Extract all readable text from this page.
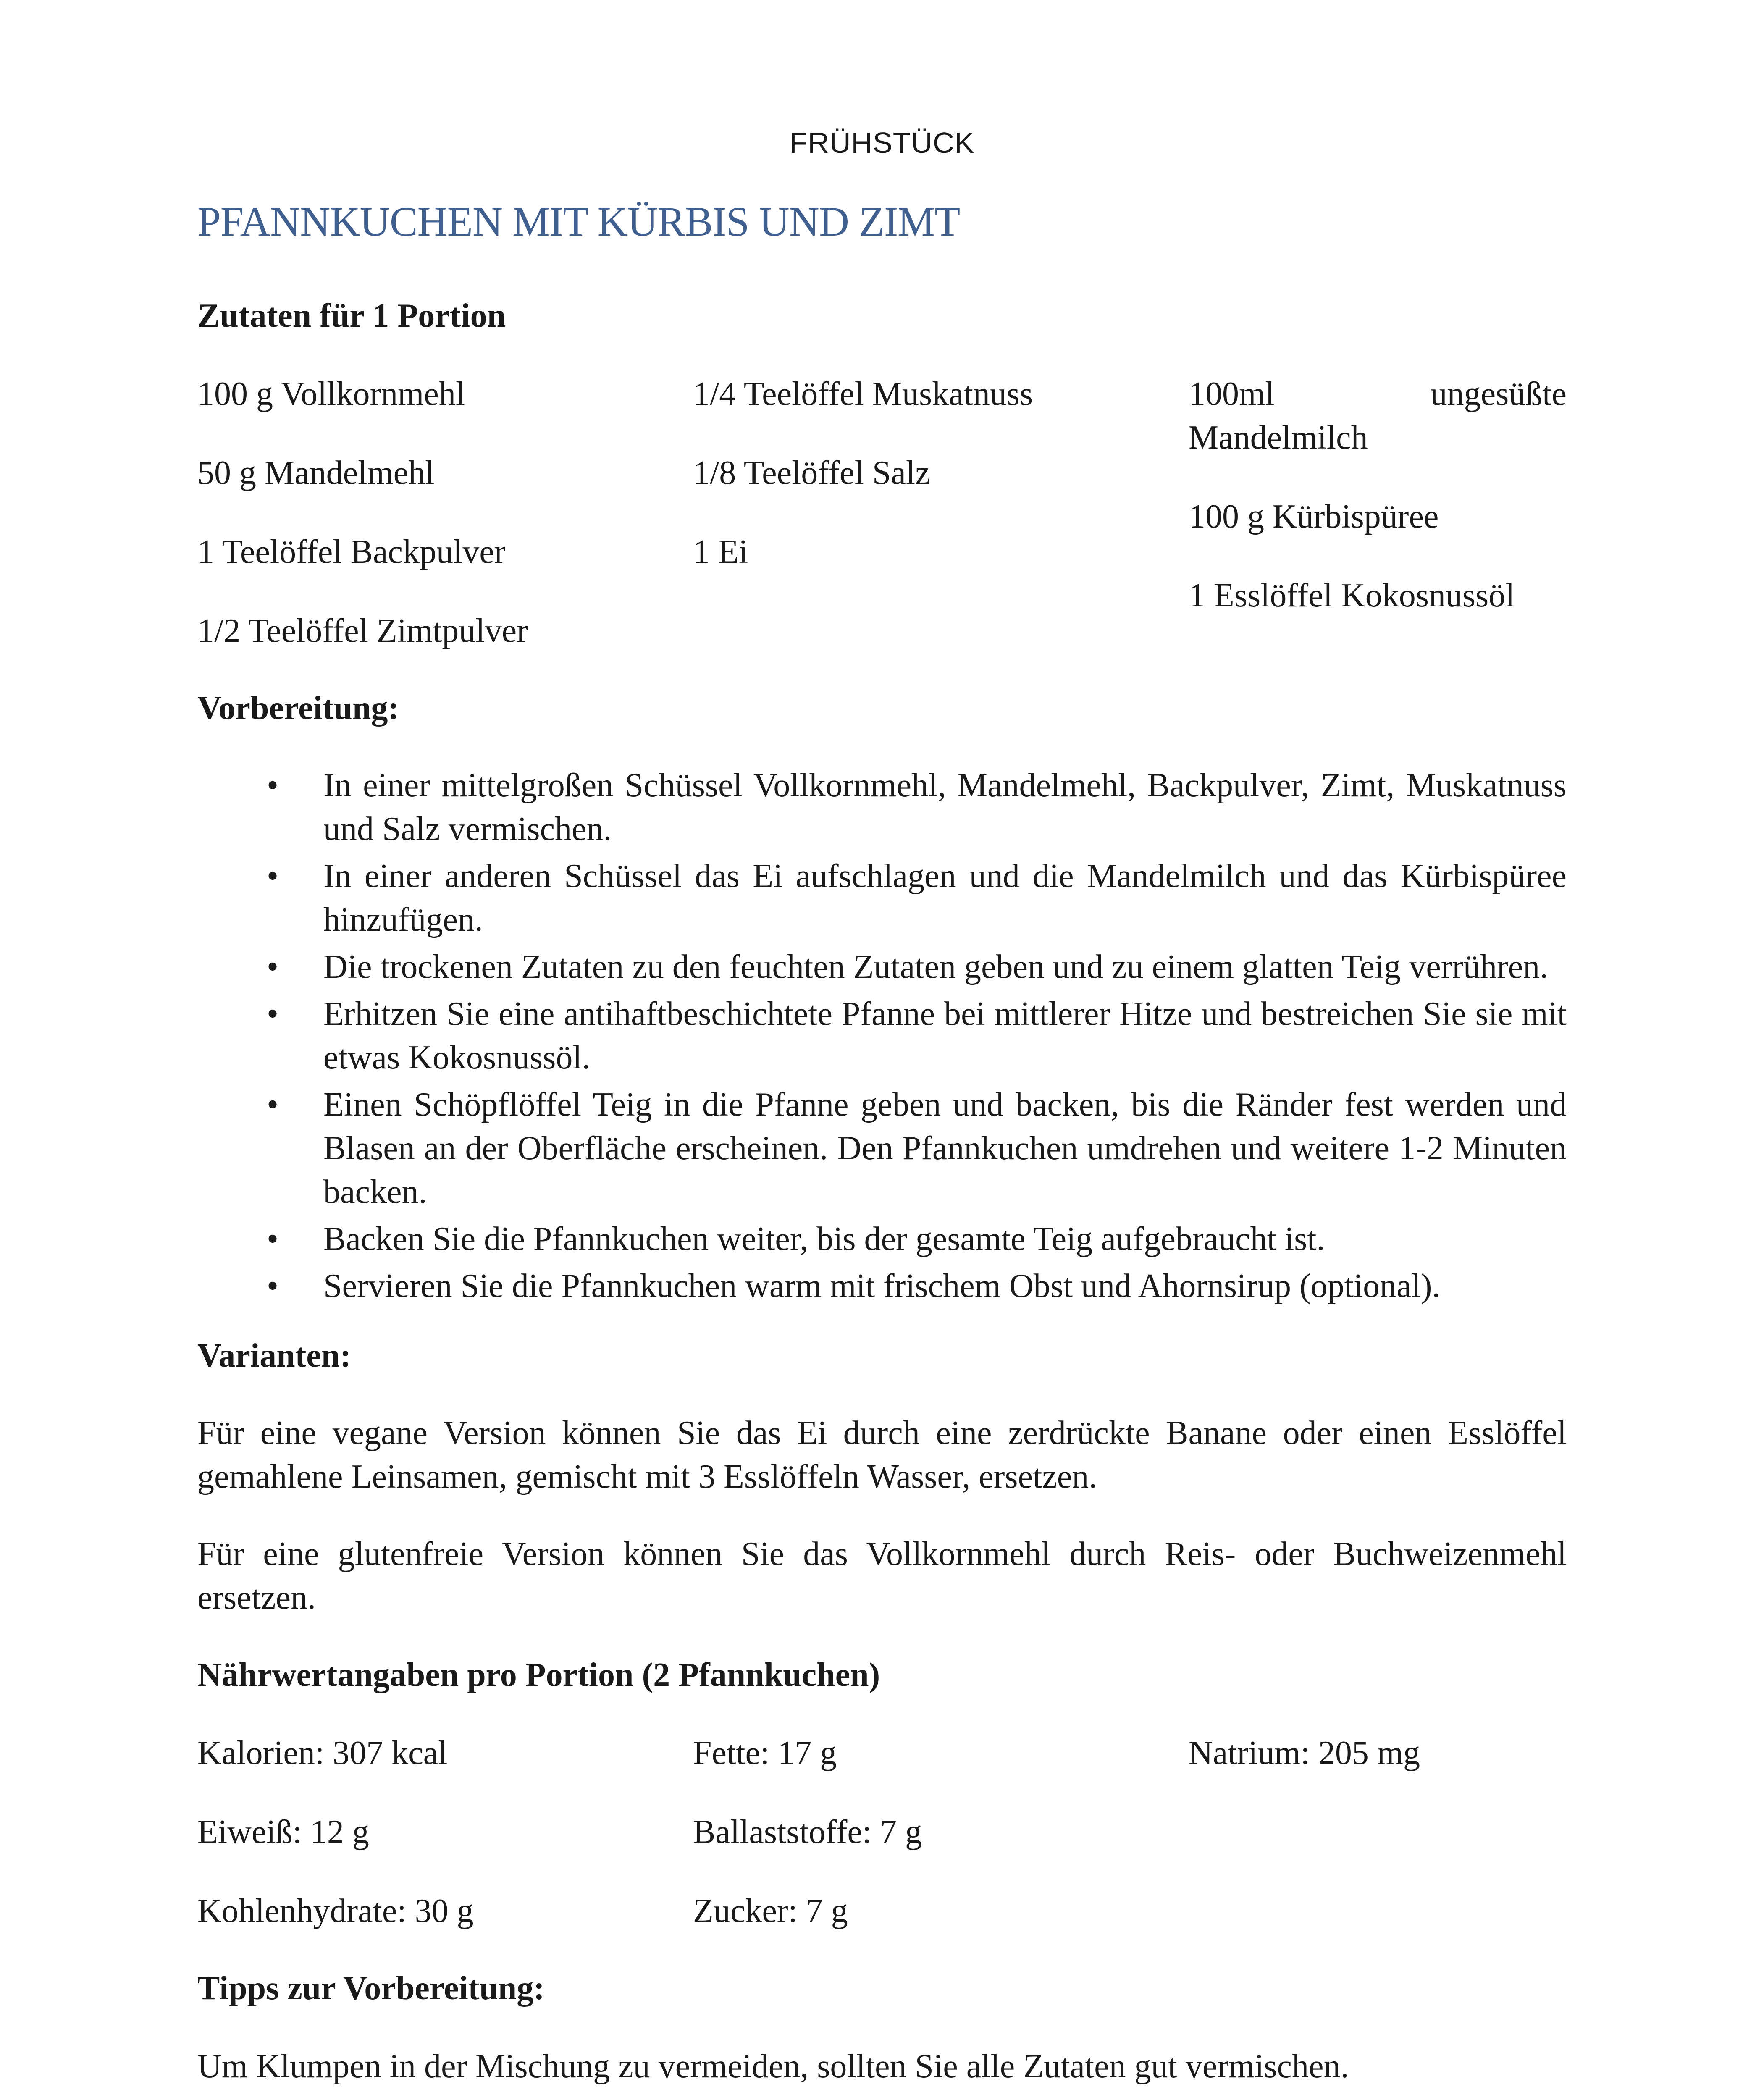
FRÜHSTÜCK
PFANNKUCHEN MIT KÜRBIS UND ZIMT

Zutaten für 1 Portion

100 g Vollkornmehl

50 g Mandelmehl

1 Teelöffel Backpulver

1/2 Teelöffel Zimtpulver

1/4 Teelöffel Muskatnuss

1/8 Teelöffel Salz

1 Ei

100ml ungesüßte Mandelmilch

100 g Kürbispüree

1 Esslöffel Kokosnussöl

Vorbereitung:

• In einer mittelgroßen Schüssel Vollkornmehl, Mandelmehl, Backpulver, Zimt, Muskatnuss und Salz vermischen.
• In einer anderen Schüssel das Ei aufschlagen und die Mandelmilch und das Kürbispüree hinzufügen.
• Die trockenen Zutaten zu den feuchten Zutaten geben und zu einem glatten Teig verrühren.
• Erhitzen Sie eine antihaftbeschichtete Pfanne bei mittlerer Hitze und bestreichen Sie sie mit etwas Kokosnussöl.
• Einen Schöpflöffel Teig in die Pfanne geben und backen, bis die Ränder fest werden und Blasen an der Oberfläche erscheinen. Den Pfannkuchen umdrehen und weitere 1-2 Minuten backen.
• Backen Sie die Pfannkuchen weiter, bis der gesamte Teig aufgebraucht ist.
• Servieren Sie die Pfannkuchen warm mit frischem Obst und Ahornsirup (optional).

Varianten:

Für eine vegane Version können Sie das Ei durch eine zerdrückte Banane oder einen Esslöffel gemahlene Leinsamen, gemischt mit 3 Esslöffeln Wasser, ersetzen.

Für eine glutenfreie Version können Sie das Vollkornmehl durch Reis- oder Buchweizenmehl ersetzen.

Nährwertangaben pro Portion (2 Pfannkuchen)

Kalorien: 307 kcal

Eiweiß: 12 g

Kohlenhydrate: 30 g

Fette: 17 g

Ballaststoffe: 7 g

Zucker: 7 g

Natrium: 205 mg

Tipps zur Vorbereitung:

Um Klumpen in der Mischung zu vermeiden, sollten Sie alle Zutaten gut vermischen.
